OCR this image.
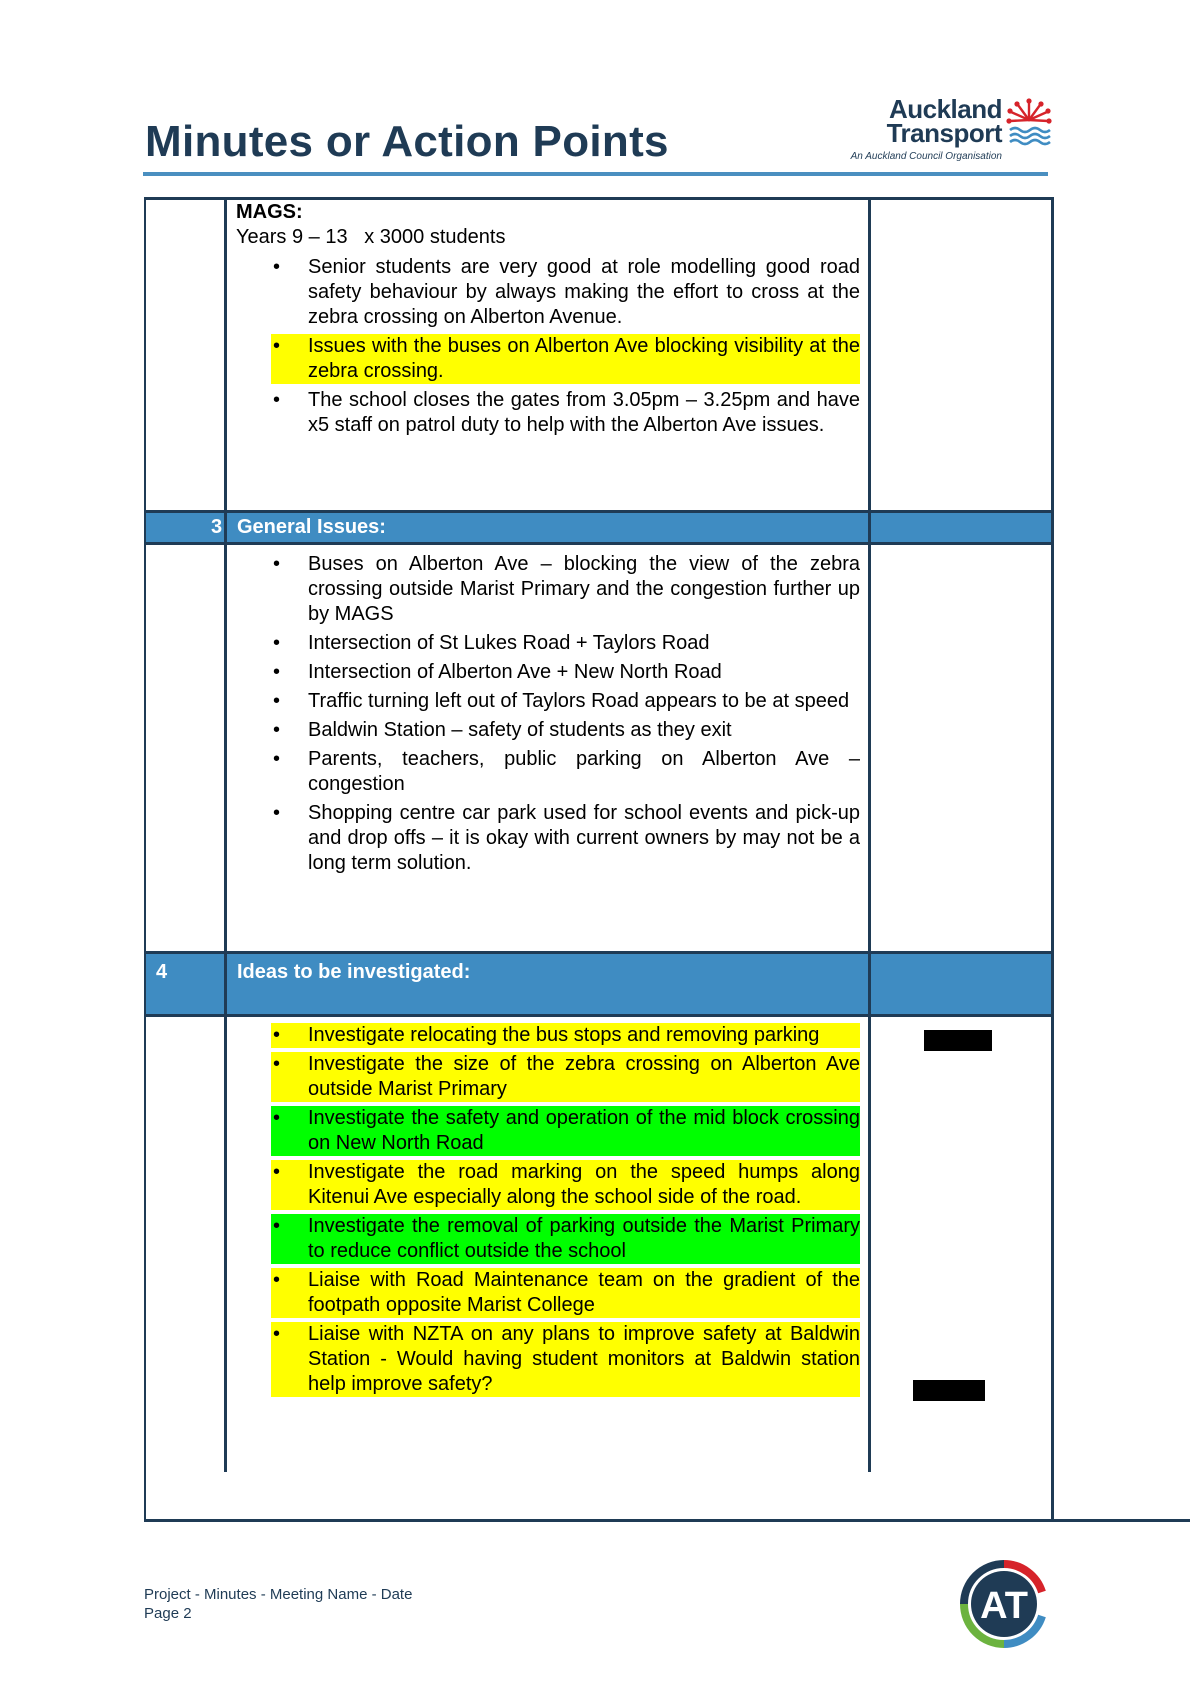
Minutes or Action Points
Auckland
Transport
An Auckland Council Organisation
3 General Issues:
4	Ideas to be investigated:
MAGS:
Years 9 – 13   x 3000 students
• Senior students are very good at role modelling good road safety behaviour by always making the effort to cross at the zebra crossing on Alberton Avenue.
• Issues with the buses on Alberton Ave blocking visibility at the zebra crossing.
• The school closes the gates from 3.05pm – 3.25pm and have x5 staff on patrol duty to help with the Alberton Ave issues.
• Buses on Alberton Ave – blocking the view of the zebra crossing outside Marist Primary and the congestion further up by MAGS
• Intersection of St Lukes Road + Taylors Road
• Intersection of Alberton Ave + New North Road
• Traffic turning left out of Taylors Road appears to be at speed
• Baldwin Station – safety of students as they exit
• Parents, teachers, public parking on Alberton Ave – congestion
• Shopping centre car park used for school events and pick-up and drop offs – it is okay with current owners by may not be a long term solution.
• Investigate relocating the bus stops and removing parking
• Investigate the size of the zebra crossing on Alberton Ave outside Marist Primary
• Investigate the safety and operation of the mid block crossing on New North Road
• Investigate the road marking on the speed humps along Kitenui Ave especially along the school side of the road.
• Investigate the removal of parking outside the Marist Primary to reduce conflict outside the school
• Liaise with Road Maintenance team on the gradient of the footpath opposite Marist College
• Liaise with NZTA on any plans to improve safety at Baldwin Station - Would having student monitors at Baldwin station help improve safety?
Project - Minutes - Meeting Name - Date
Page 2	AT
